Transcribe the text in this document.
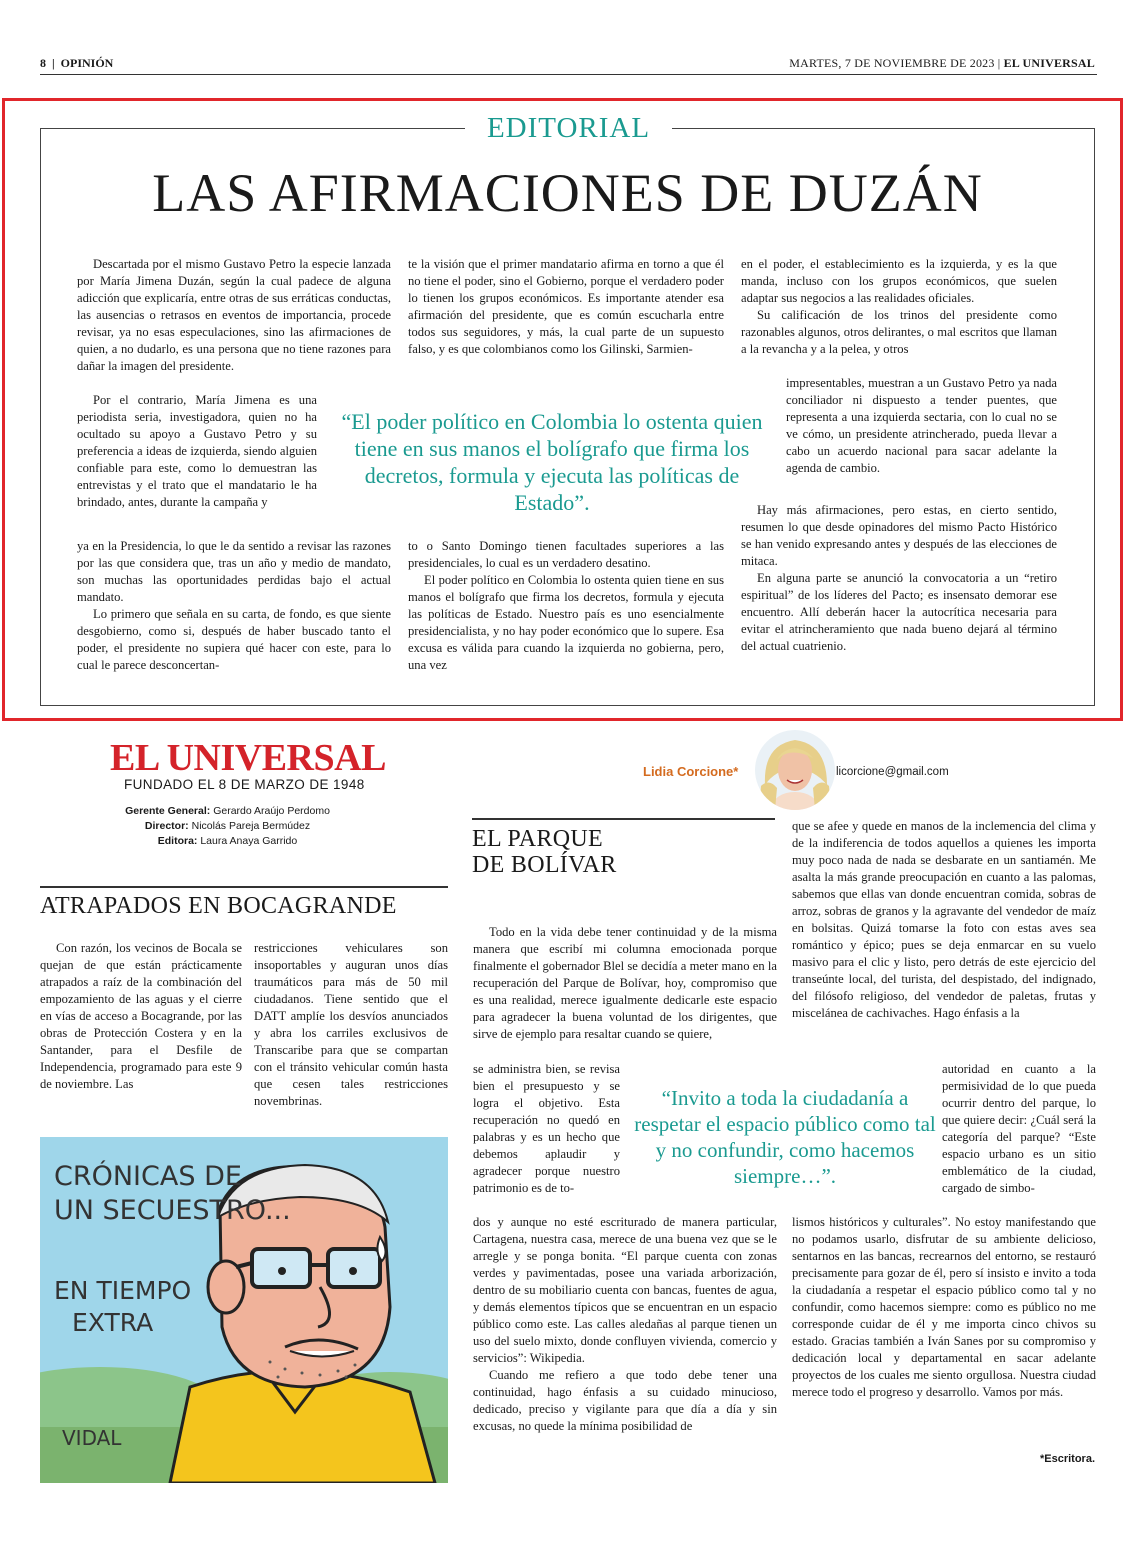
8  |  OPINIÓN	MARTES, 7 DE NOVIEMBRE DE 2023 | EL UNIVERSAL
EDITORIAL
LAS AFIRMACIONES DE DUZÁN

Descartada por el mismo Gustavo Petro la especie lanzada por María Jimena Duzán, según la cual padece de alguna adicción que explicaría, entre otras de sus erráticas conductas, las ausencias o retrasos en eventos de importancia, procede revisar, ya no esas especulaciones, sino las afirmaciones de quien, a no dudarlo, es una persona que no tiene razones para dañar la imagen del presidente.

Por el contrario, María Jimena es una periodista seria, investigadora, quien no ha ocultado su apoyo a Gustavo Petro y su preferencia a ideas de izquierda, siendo alguien confiable para este, como lo demuestran las entrevistas y el trato que el mandatario le ha brindado, antes, durante la campaña y

ya en la Presidencia, lo que le da sentido a revisar las razones por las que considera que, tras un año y medio de mandato, son muchas las oportunidades perdidas bajo el actual mandato.

Lo primero que señala en su carta, de fondo, es que siente desgobierno, como si, después de haber buscado tanto el poder, el presidente no supiera qué hacer con este, para lo cual le parece desconcertan-

te la visión que el primer mandatario afirma en torno a que él no tiene el poder, sino el Gobierno, porque el verdadero poder lo tienen los grupos económicos. Es importante atender esa afirmación del presidente, que es común escucharla entre todos sus seguidores, y más, la cual parte de un supuesto falso, y es que colombianos como los Gilinski, Sarmien-

to o Santo Domingo tienen facultades superiores a las presidenciales, lo cual es un verdadero desatino.

El poder político en Colombia lo ostenta quien tiene en sus manos el bolígrafo que firma los decretos, formula y ejecuta las políticas de Estado. Nuestro país es uno esencialmente presidencialista, y no hay poder económico que lo supere. Esa excusa es válida para cuando la izquierda no gobierna, pero, una vez

en el poder, el establecimiento es la izquierda, y es la que manda, incluso con los grupos económicos, que suelen adaptar sus negocios a las realidades oficiales.

Su calificación de los trinos del presidente como razonables algunos, otros delirantes, o mal escritos que llaman a la revancha y a la pelea, y otros

impresentables, muestran a un Gustavo Petro ya nada conciliador ni dispuesto a tender puentes, que representa a una izquierda sectaria, con lo cual no se ve cómo, un presidente atrincherado, pueda llevar a cabo un acuerdo nacional para sacar adelante la agenda de cambio.

Hay más afirmaciones, pero estas, en cierto sentido, resumen lo que desde opinadores del mismo Pacto Histórico se han venido expresando antes y después de las elecciones de mitaca.

En alguna parte se anunció la convocatoria a un “retiro espiritual” de los líderes del Pacto; es insensato demorar ese encuentro. Allí deberán hacer la autocrítica necesaria para evitar el atrincheramiento que nada bueno dejará al término del actual cuatrienio.

“El poder político en Colombia lo ostenta quien tiene en sus manos el bolígrafo que firma los decretos, formula y ejecuta las políticas de Estado”.
EL UNIVERSAL
FUNDADO EL 8 DE MARZO DE 1948
Gerente General: Gerardo Araújo Perdomo
Director: Nicolás Pareja Bermúdez
Editora: Laura Anaya Garrido
ATRAPADOS EN BOCAGRANDE

Con razón, los vecinos de Bocala se quejan de que están prácticamente atrapados a raíz de la combinación del empozamiento de las aguas y el cierre en vías de acceso a Bocagrande, por las obras de Protección Costera y en la Santander, para el Desfile de Independencia, programado para este 9 de noviembre. Las

restricciones vehiculares son insoportables y auguran unos días traumáticos para más de 50 mil ciudadanos. Tiene sentido que el DATT amplíe los desvíos anunciados y abra los carriles exclusivos de Transcaribe para que se compartan con el tránsito vehicular común hasta que cesen tales restricciones novembrinas.

CRÓNICAS DE
UN SECUESTRO...
EN TIEMPO
EXTRA
VIDAL
Lidia Corcione*	licorcione@gmail.com
EL PARQUE
DE BOLÍVAR

Todo en la vida debe tener continuidad y de la misma manera que escribí mi columna emocionada porque finalmente el gobernador Blel se decidía a meter mano en la recuperación del Parque de Bolívar, hoy, compromiso que es una realidad, merece igualmente dedicarle este espacio para agradecer la buena voluntad de los dirigentes, que sirve de ejemplo para resaltar cuando se quiere,

se administra bien, se revisa bien el presupuesto y se logra el objetivo. Esta recuperación no quedó en palabras y es un hecho que debemos aplaudir y agradecer porque nuestro patrimonio es de to-

dos y aunque no esté escriturado de manera particular, Cartagena, nuestra casa, merece de una buena vez que se le arregle y se ponga bonita. “El parque cuenta con zonas verdes y pavimentadas, posee una variada arborización, dentro de su mobiliario cuenta con bancas, fuentes de agua, y demás elementos típicos que se encuentran en un espacio público como este. Las calles aledañas al parque tienen un uso del suelo mixto, donde confluyen vivienda, comercio y servicios”: Wikipedia.

Cuando me refiero a que todo debe tener una continuidad, hago énfasis a su cuidado minucioso, dedicado, preciso y vigilante para que día a día y sin excusas, no quede la mínima posibilidad de

que se afee y quede en manos de la inclemencia del clima y de la indiferencia de todos aquellos a quienes les importa muy poco nada de nada se desbarate en un santiamén. Me asalta la más grande preocupación en cuanto a las palomas, sabemos que ellas van donde encuentran comida, sobras de arroz, sobras de granos y la agravante del vendedor de maíz en bolsitas. Quizá tomarse la foto con estas aves sea romántico y épico; pues se deja enmarcar en su vuelo masivo para el clic y listo, pero detrás de este ejercicio del transeúnte local, del turista, del despistado, del indignado, del filósofo religioso, del vendedor de paletas, frutas y miscelánea de cachivaches. Hago énfasis a la

autoridad en cuanto a la permisividad de lo que pueda ocurrir dentro del parque, lo que quiere decir: ¿Cuál será la categoría del parque? “Este espacio urbano es un sitio emblemático de la ciudad, cargado de simbo-

lismos históricos y culturales”. No estoy manifestando que no podamos usarlo, disfrutar de su ambiente delicioso, sentarnos en las bancas, recrearnos del entorno, se restauró precisamente para gozar de él, pero sí insisto e invito a toda la ciudadanía a respetar el espacio público como tal y no confundir, como hacemos siempre: como es público no me corresponde cuidar de él y me importa cinco chivos su estado. Gracias también a Iván Sanes por su compromiso y dedicación local y departamental en sacar adelante proyectos de los cuales me siento orgullosa. Nuestra ciudad merece todo el progreso y desarrollo. Vamos por más.

“Invito a toda la ciudadanía a respetar el espacio público como tal y no confundir, como hacemos siempre…”.
*Escritora.
